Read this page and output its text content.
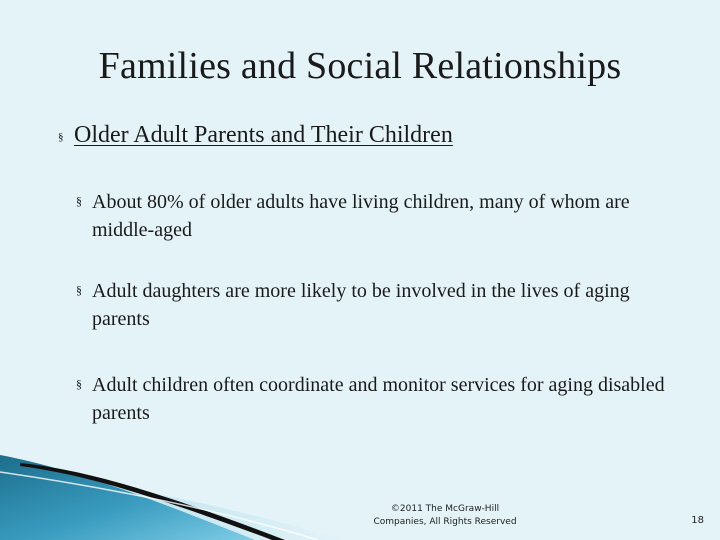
Families and Social Relationships
§ Older Adult Parents and Their Children
§ About 80% of older adults have living children, many of whom are middle-aged
§ Adult daughters are more likely to be involved in the lives of aging parents
§ Adult children often coordinate and monitor services for aging disabled parents
©2011 The McGraw-Hill
Companies, All Rights Reserved	18
